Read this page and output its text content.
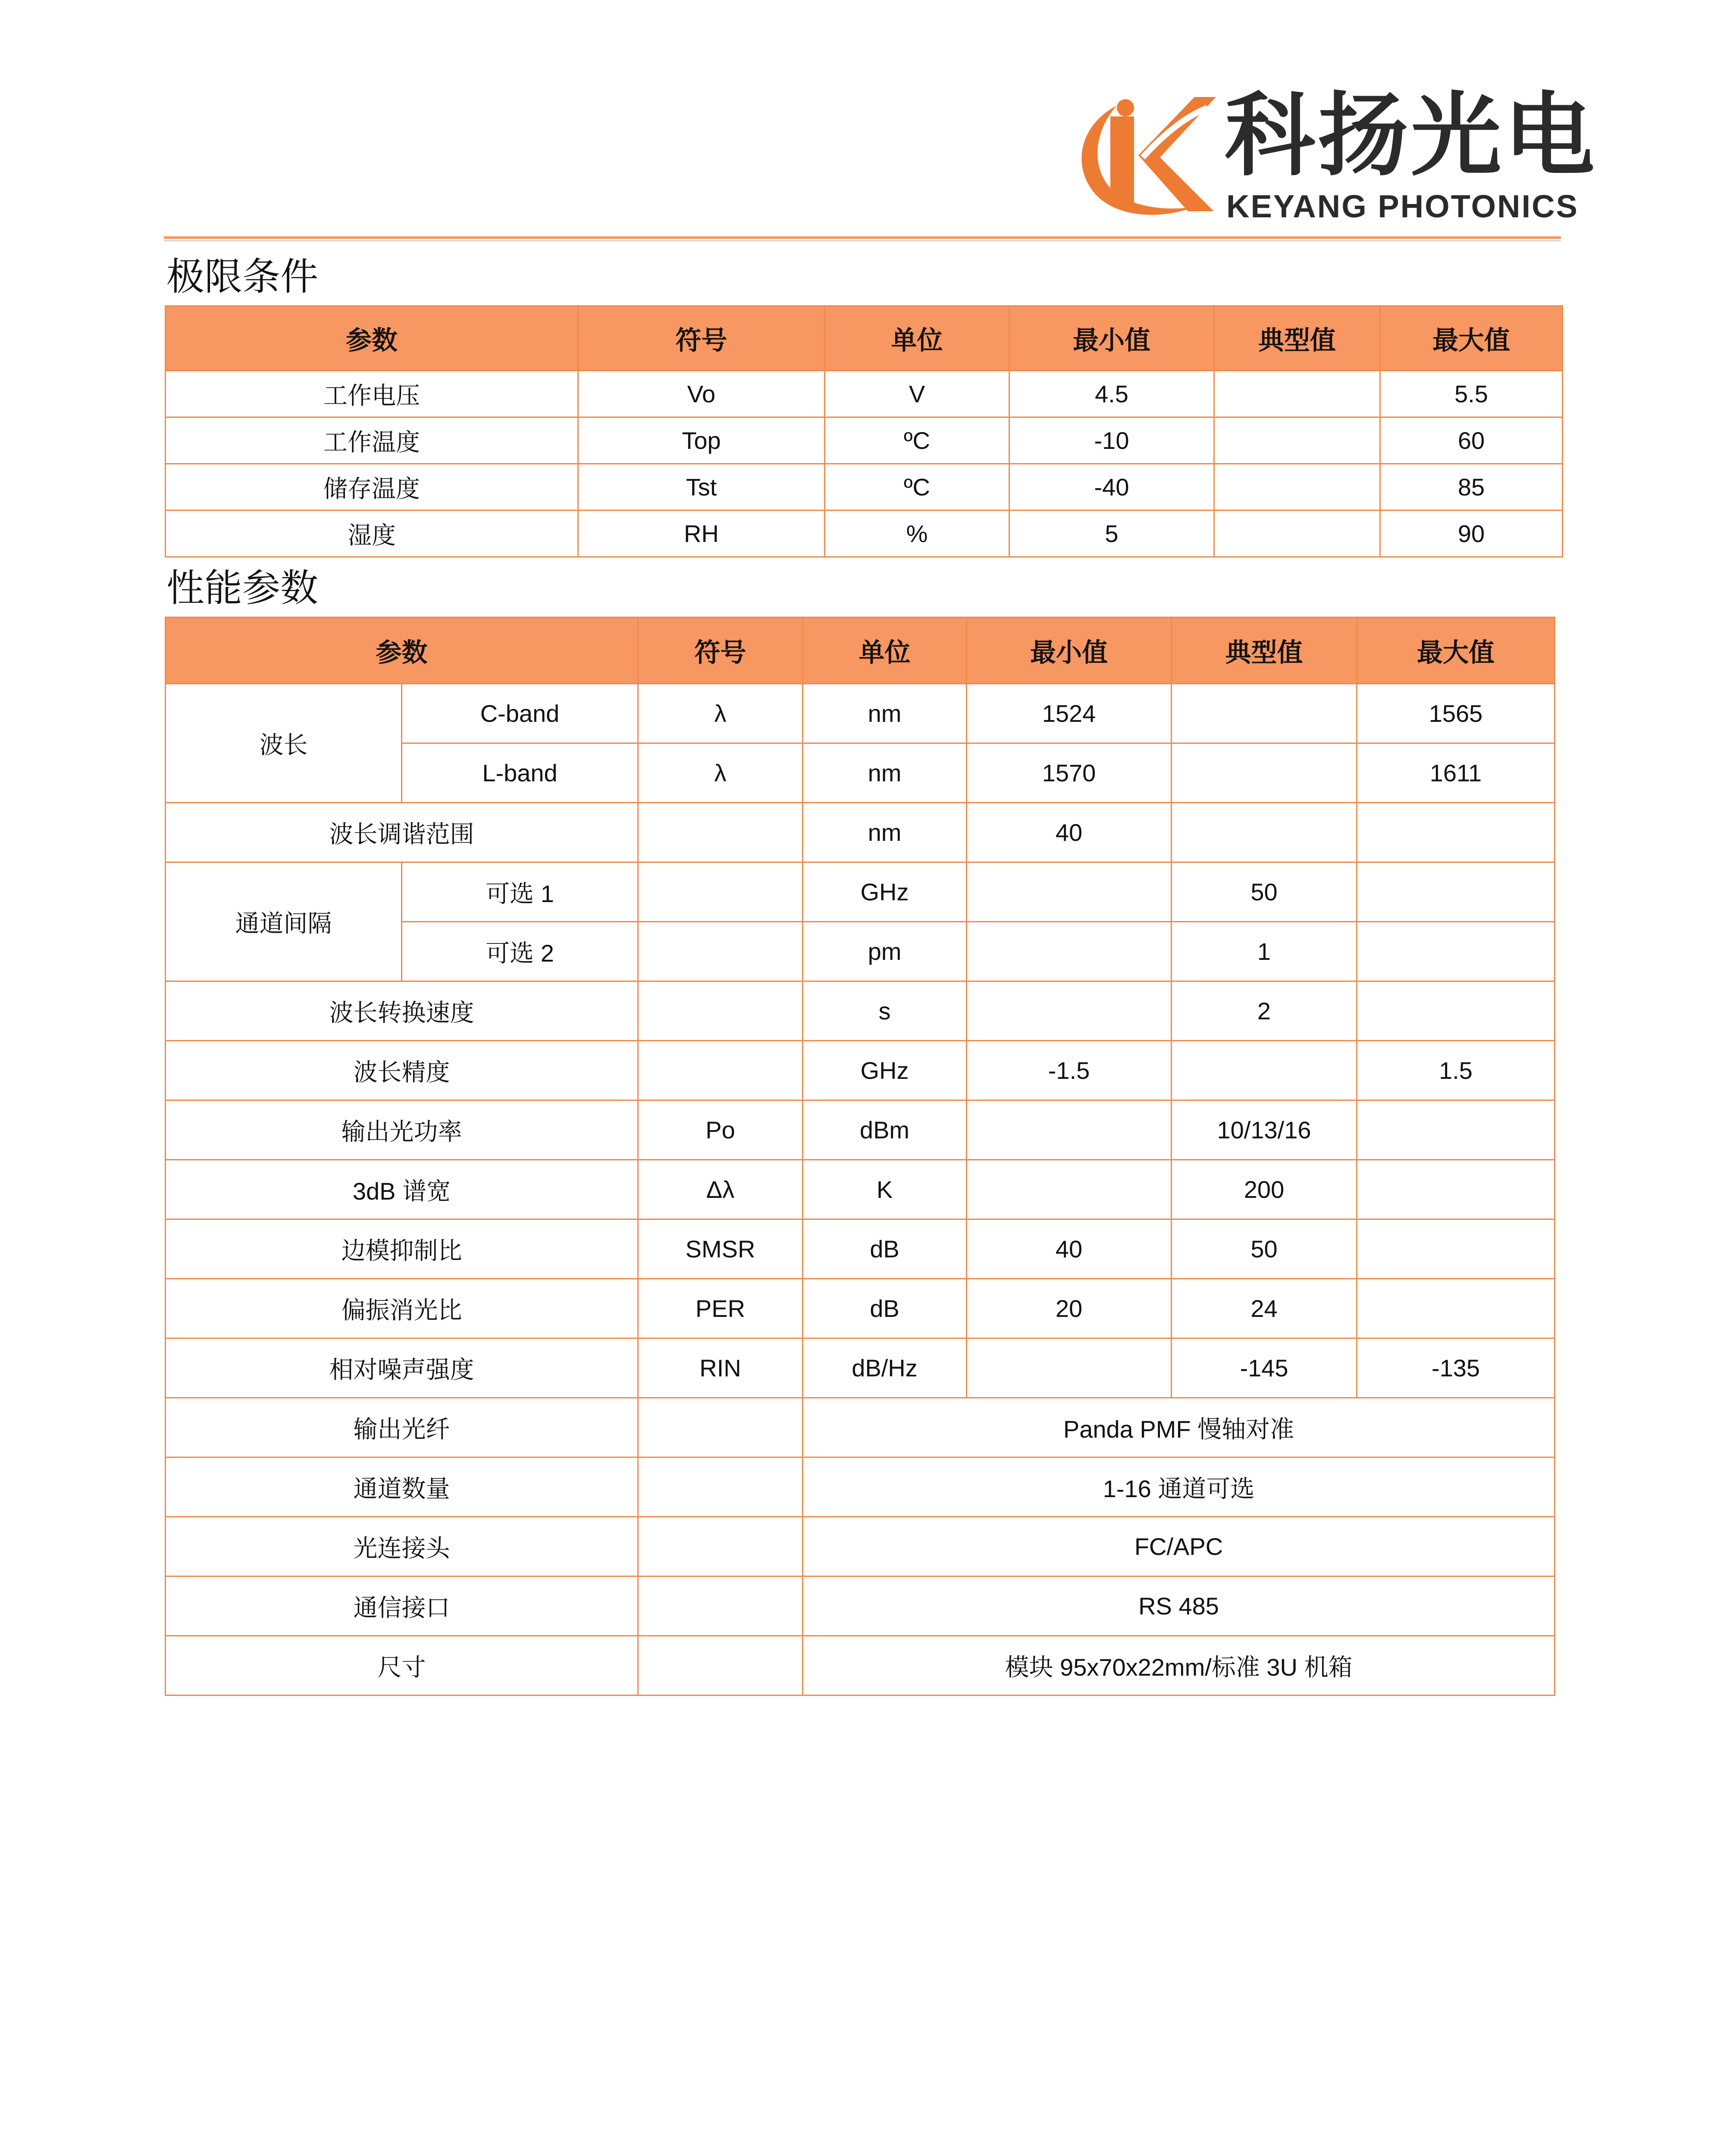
科扬光电
KEYANG PHOTONICS
极限条件
参数	符号	单位	最小值	典型值	最大值
工作电压	Vo	V	4.5		5.5
工作温度	Top	ºC	-10		60
储存温度	Tst	ºC	-40		85
湿度	RH	%	5		90
性能参数
参数		符号	单位	最小值	典型值	最大值
波长	C-band	λ	nm	1524		1565
	L-band	λ	nm	1570		1611
波长调谐范围			nm	40		
通道间隔	可选 1		GHz		50	
	可选 2		pm		1	
波长转换速度			s		2	
波长精度			GHz	-1.5		1.5
输出光功率		Po	dBm		10/13/16	
3dB 谱宽		Δλ	K		200	
边模抑制比		SMSR	dB	40	50	
偏振消光比		PER	dB	20	24	
相对噪声强度		RIN	dB/Hz		-145	-135
输出光纤			Panda PMF 慢轴对准			
通道数量			1-16 通道可选			
光连接头			FC/APC			
通信接口			RS 485			
尺寸			模块 95x70x22mm/标准 3U 机箱			
